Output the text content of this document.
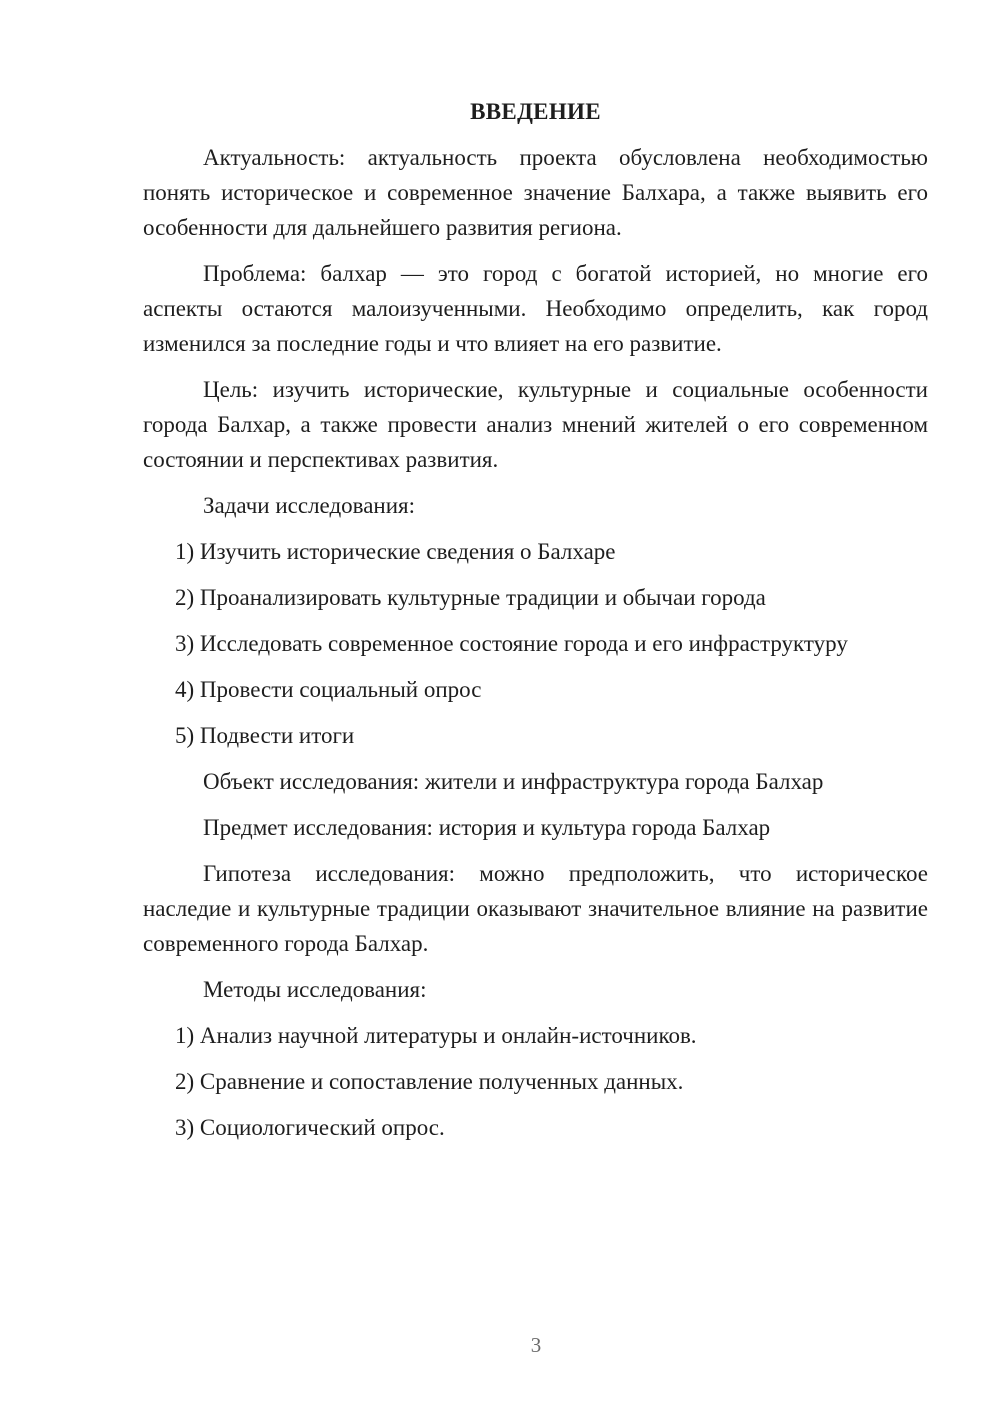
ВВЕДЕНИЕ

Актуальность: актуальность проекта обусловлена необходимостью понять историческое и современное значение Балхара, а также выявить его особенности для дальнейшего развития региона.

Проблема: балхар — это город с богатой историей, но многие его аспекты остаются малоизученными. Необходимо определить, как город изменился за последние годы и что влияет на его развитие.

Цель: изучить исторические, культурные и социальные особенности города Балхар, а также провести анализ мнений жителей о его современном состоянии и перспективах развития.

Задачи исследования:
1) Изучить исторические сведения о Балхаре
2) Проанализировать культурные традиции и обычаи города
3) Исследовать современное состояние города и его инфраструктуру
4) Провести социальный опрос
5) Подвести итоги
Объект исследования: жители и инфраструктура города Балхар
Предмет исследования: история и культура города Балхар

Гипотеза исследования: можно предположить, что историческое наследие и культурные традиции оказывают значительное влияние на развитие современного города Балхар.

Методы исследования:
1) Анализ научной литературы и онлайн-источников.
2) Сравнение и сопоставление полученных данных.
3) Социологический опрос.
3
